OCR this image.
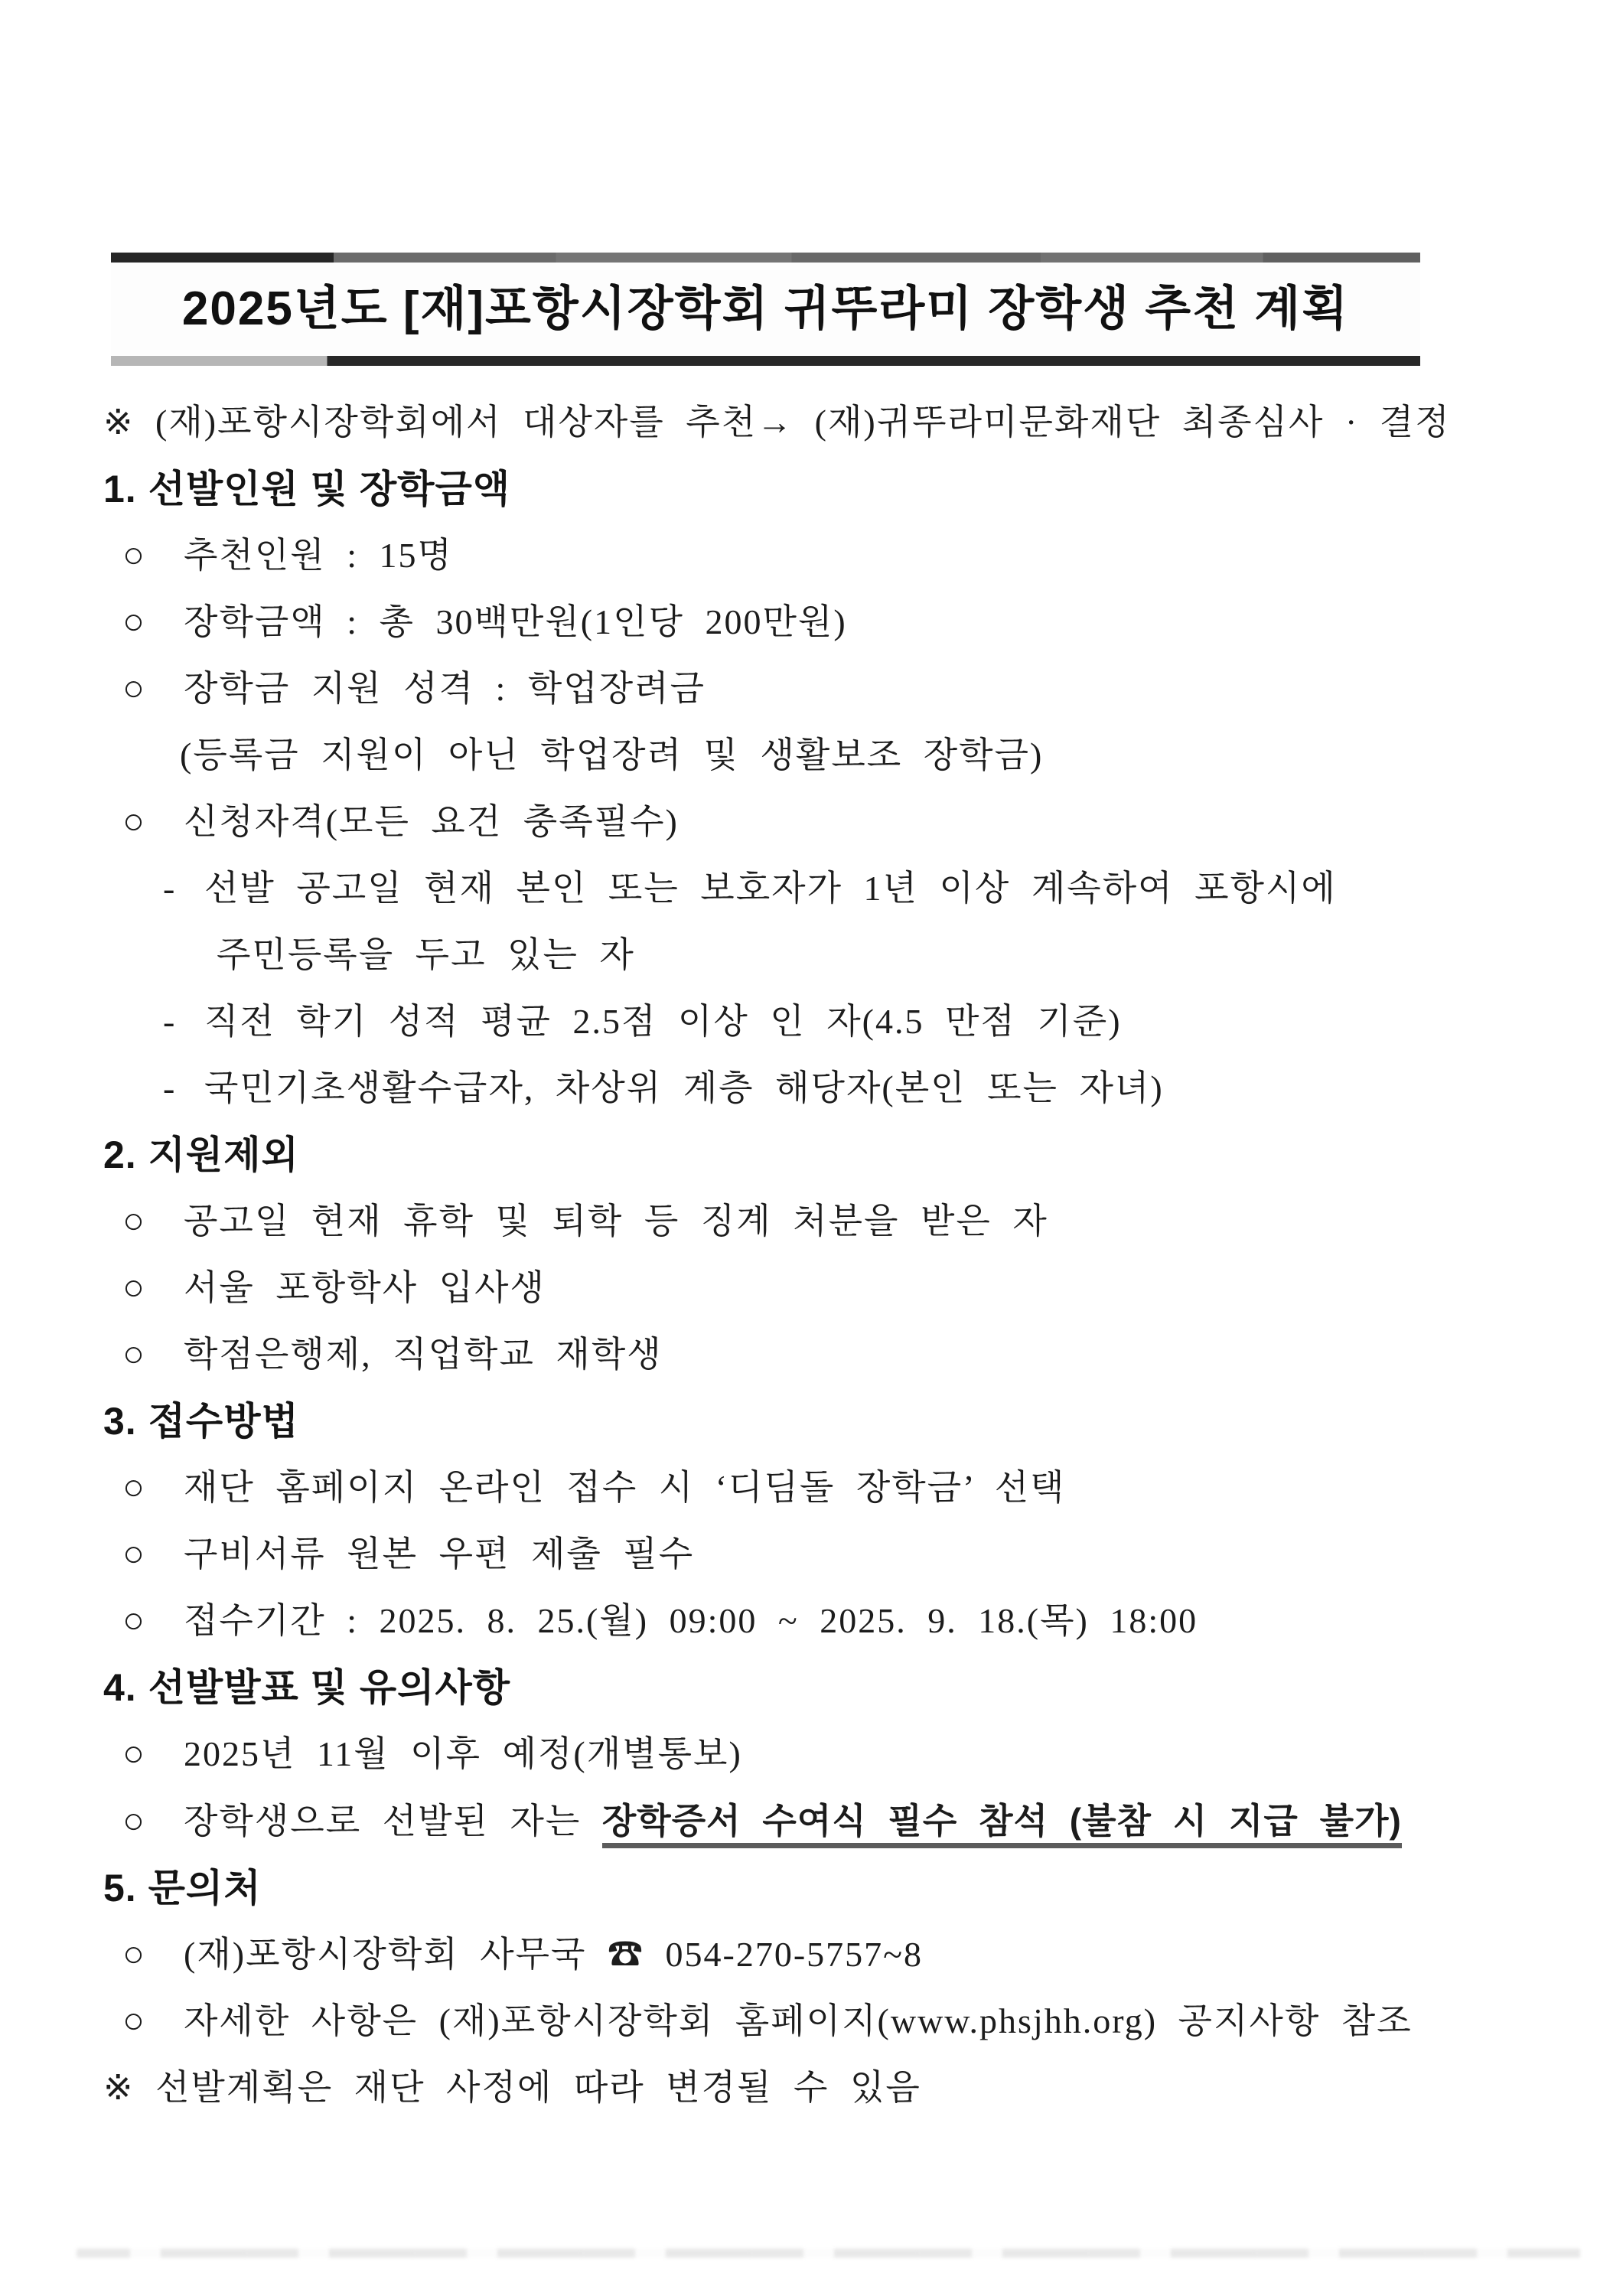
2025년도 [재]포항시장학회 귀뚜라미 장학생 추천 계획
※ (재)포항시장학회에서 대상자를 추천→ (재)귀뚜라미문화재단 최종심사 · 결정
1. 선발인원 및 장학금액
○ 추천인원 : 15명
○ 장학금액 : 총 30백만원(1인당 200만원)
○ 장학금 지원 성격 : 학업장려금
(등록금 지원이 아닌 학업장려 및 생활보조 장학금)
○ 신청자격(모든 요건 충족필수)
- 선발 공고일 현재 본인 또는 보호자가 1년 이상 계속하여 포항시에
주민등록을 두고 있는 자
- 직전 학기 성적 평균 2.5점 이상 인 자(4.5 만점 기준)
- 국민기초생활수급자, 차상위 계층 해당자(본인 또는 자녀)
2. 지원제외
○ 공고일 현재 휴학 및 퇴학 등 징계 처분을 받은 자
○ 서울 포항학사 입사생
○ 학점은행제, 직업학교 재학생
3. 접수방법
○ 재단 홈페이지 온라인 접수 시 ‘디딤돌 장학금’ 선택
○ 구비서류 원본 우편 제출 필수
○ 접수기간 : 2025. 8. 25.(월) 09:00 ~ 2025. 9. 18.(목) 18:00
4. 선발발표 및 유의사항
○ 2025년 11월 이후 예정(개별통보)
○ 장학생으로 선발된 자는 장학증서 수여식 필수 참석 (불참 시 지급 불가)
5. 문의처
○ (재)포항시장학회 사무국 ☎ 054-270-5757~8
○ 자세한 사항은 (재)포항시장학회 홈페이지(www.phsjhh.org) 공지사항 참조
※ 선발계획은 재단 사정에 따라 변경될 수 있음
